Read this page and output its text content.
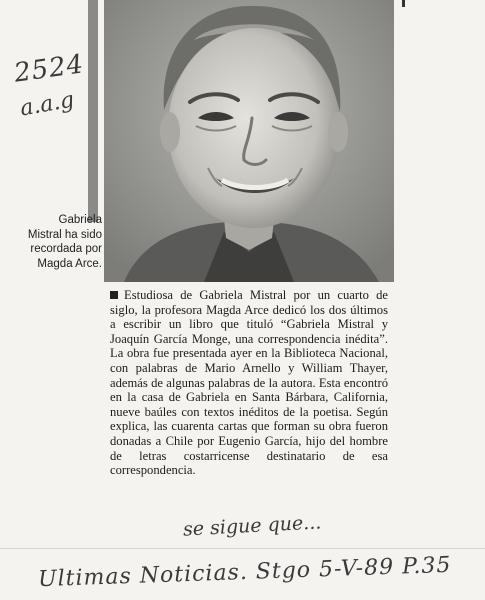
2524
a.a.g
Gabriela
Mistral ha sido
recordada por
Magda Arce.

Estudiosa de Gabriela Mistral por un cuarto de siglo, la profesora Magda Arce dedicó los dos últimos a escribir un libro que tituló “Gabriela Mistral y Joaquín García Monge, una correspondencia inédita”. La obra fue presentada ayer en la Biblioteca Nacional, con palabras de Mario Arnello y William Thayer, además de algunas palabras de la autora. Esta encontró en la casa de Gabriela en Santa Bárbara, California, nueve baúles con textos inéditos de la poetisa. Según explica, las cuarenta cartas que forman su obra fueron donadas a Chile por Eugenio García, hijo del hombre de letras costarricense destinatario de esa correspondencia.

se sigue que...
Ultimas Noticias. Stgo 5-V-89 P.35
